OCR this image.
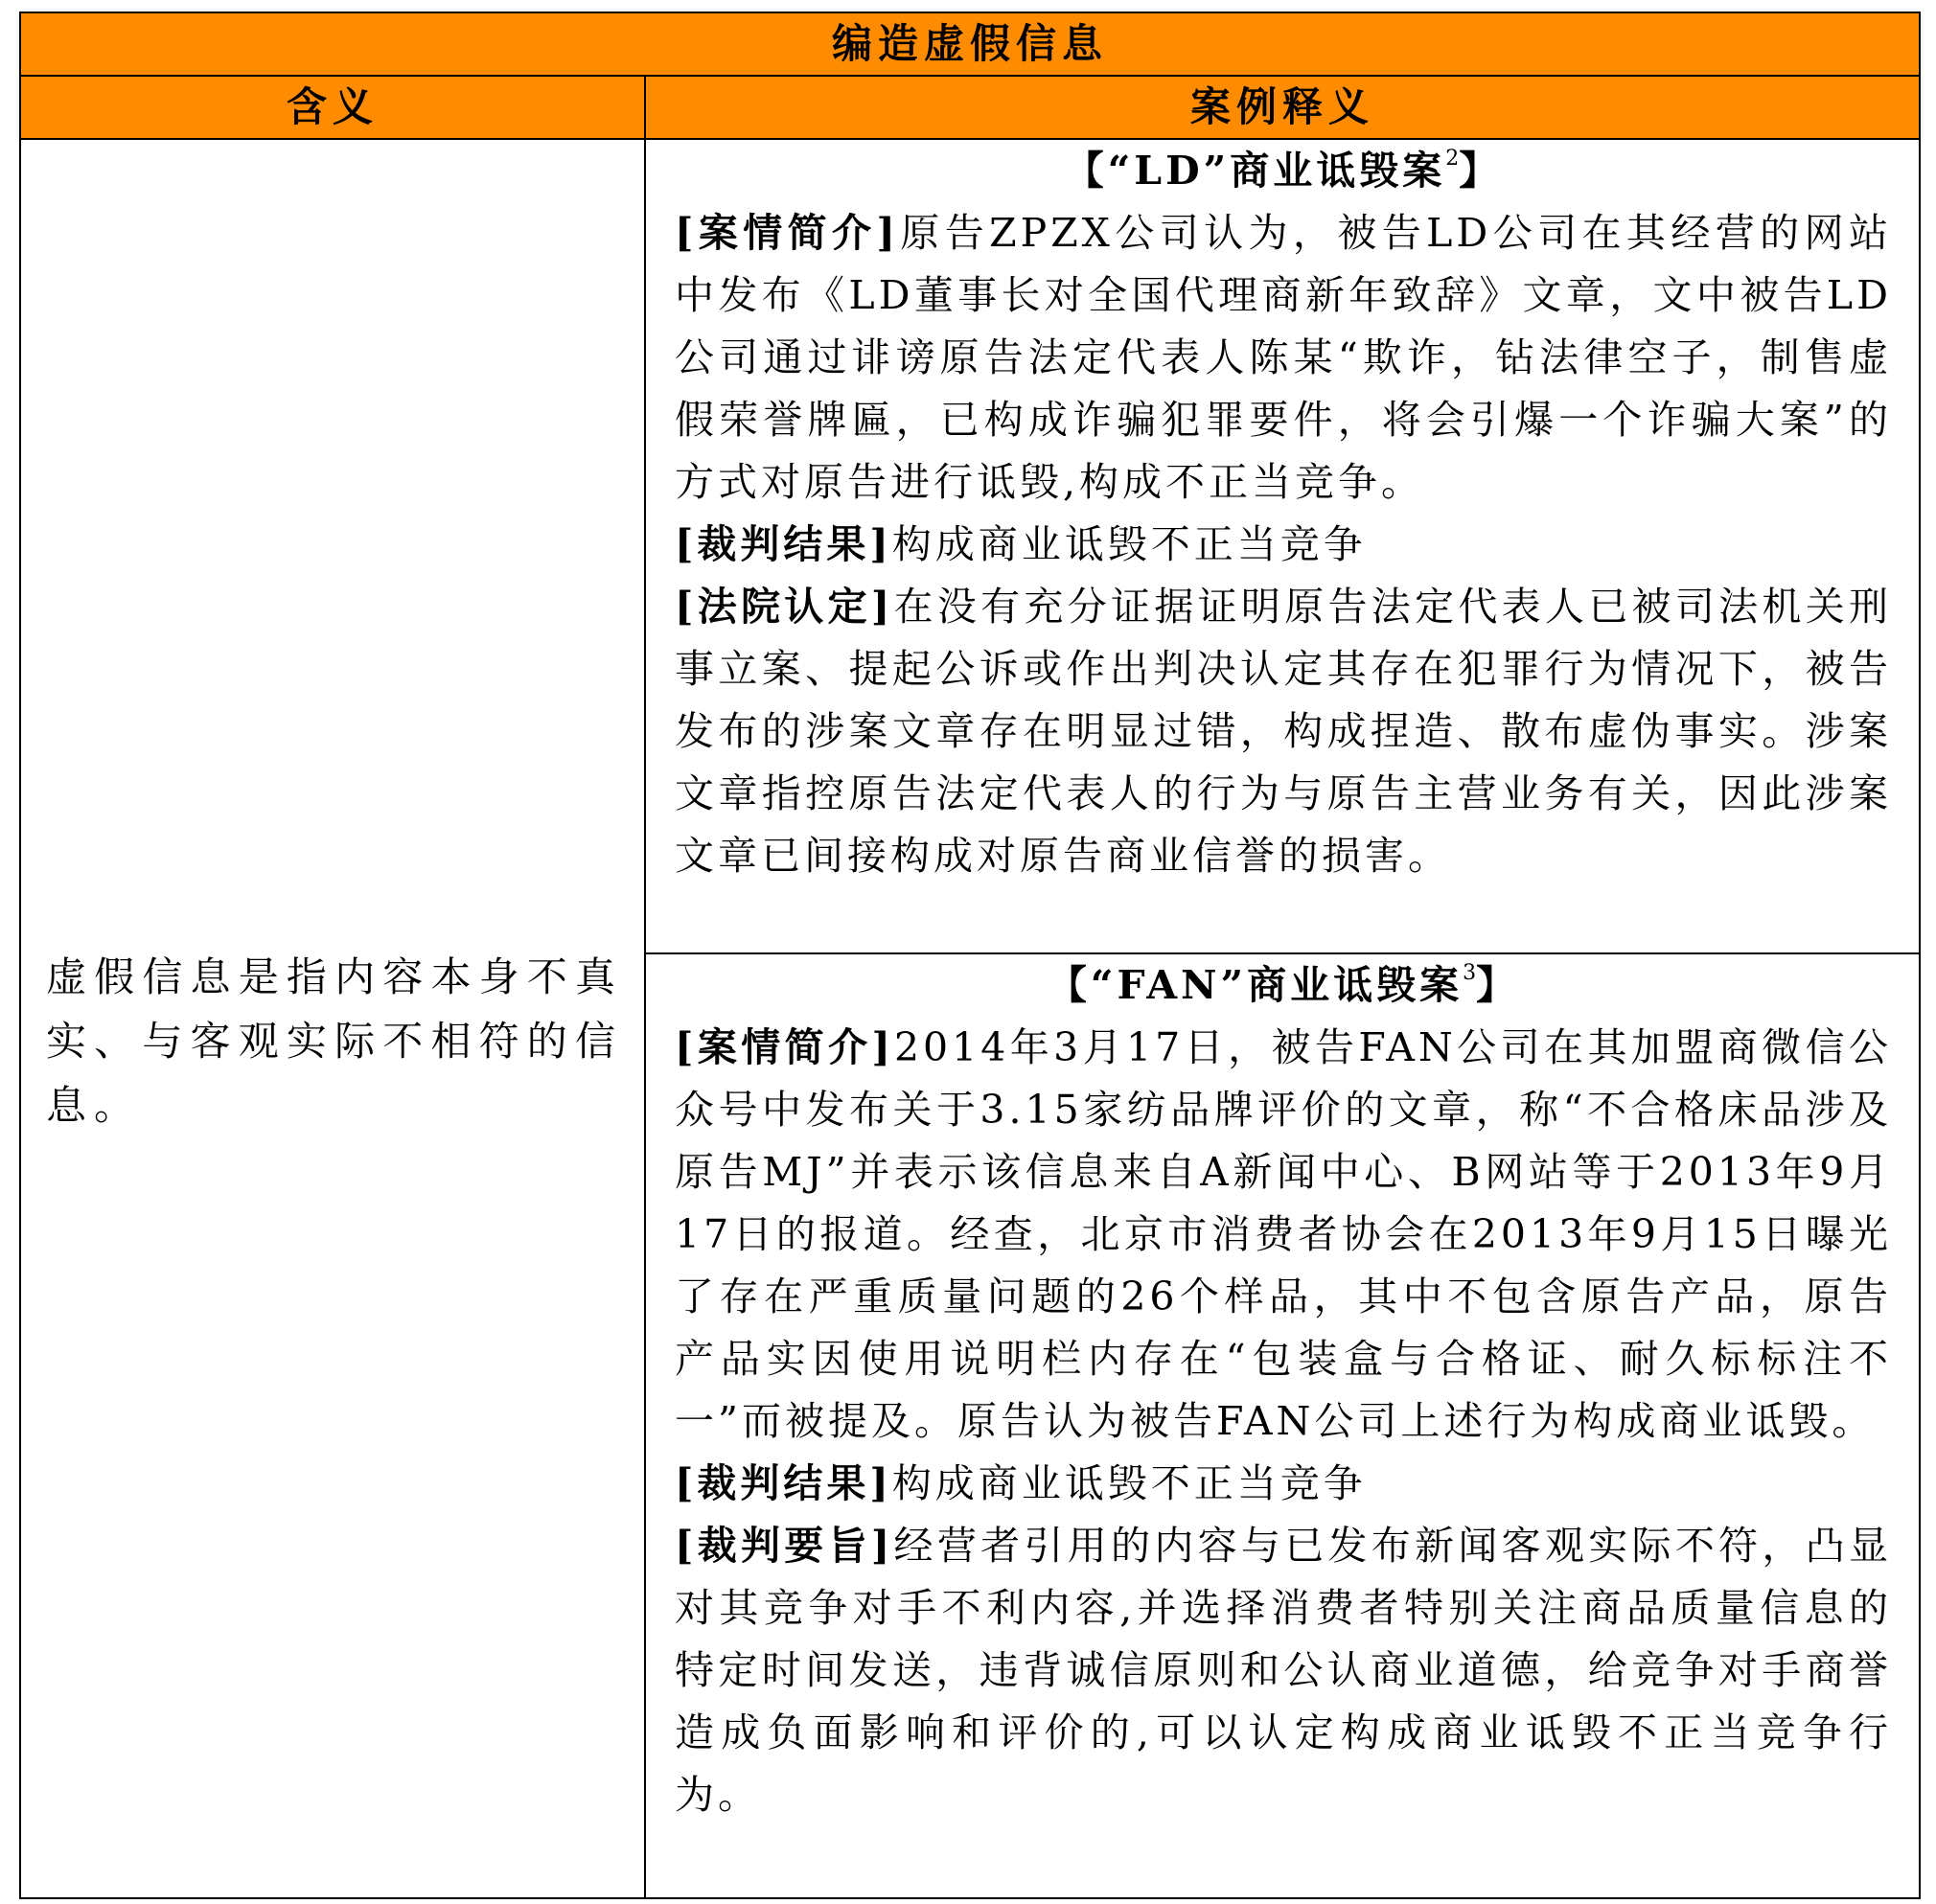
编造虚假信息	
含义	案例释义

虚假信息是指内容本身不真实、与客观实际不相符的信息。	【“LD”商业诋毁案$^2$】
[案情简介]原告ZPZX公司认为，被告LD公司在其经营的网站中发布《LD董事长对全国代理商新年致辞》文章，文中被告LD公司通过诽谤原告法定代表人陈某“欺诈，钻法律空子，制售虚假荣誉牌匾，已构成诈骗犯罪要件，将会引爆一个诈骗大案”的方式对原告进行诋毁,构成不正当竞争。
[裁判结果]构成商业诋毁不正当竞争
[法院认定]在没有充分证据证明原告法定代表人已被司法机关刑事立案、提起公诉或作出判决认定其存在犯罪行为情况下，被告发布的涉案文章存在明显过错，构成捏造、散布虚伪事实。涉案文章指控原告法定代表人的行为与原告主营业务有关，因此涉案文章已间接构成对原告商业信誉的损害。

	【“FAN”商业诋毁案$^3$】
[案情简介]2014年3月17日，被告FAN公司在其加盟商微信公众号中发布关于3.15家纺品牌评价的文章，称“不合格床品涉及原告MJ”并表示该信息来自A新闻中心、B网站等于2013年9月17日的报道。经查，北京市消费者协会在2013年9月15日曝光了存在严重质量问题的26个样品，其中不包含原告产品，原告产品实因使用说明栏内存在“包装盒与合格证、耐久标标注不一”而被提及。原告认为被告FAN公司上述行为构成商业诋毁。
[裁判结果]构成商业诋毁不正当竞争
[裁判要旨]经营者引用的内容与已发布新闻客观实际不符，凸显对其竞争对手不利内容,并选择消费者特别关注商品质量信息的特定时间发送，违背诚信原则和公认商业道德，给竞争对手商誉造成负面影响和评价的,可以认定构成商业诋毁不正当竞争行为。
